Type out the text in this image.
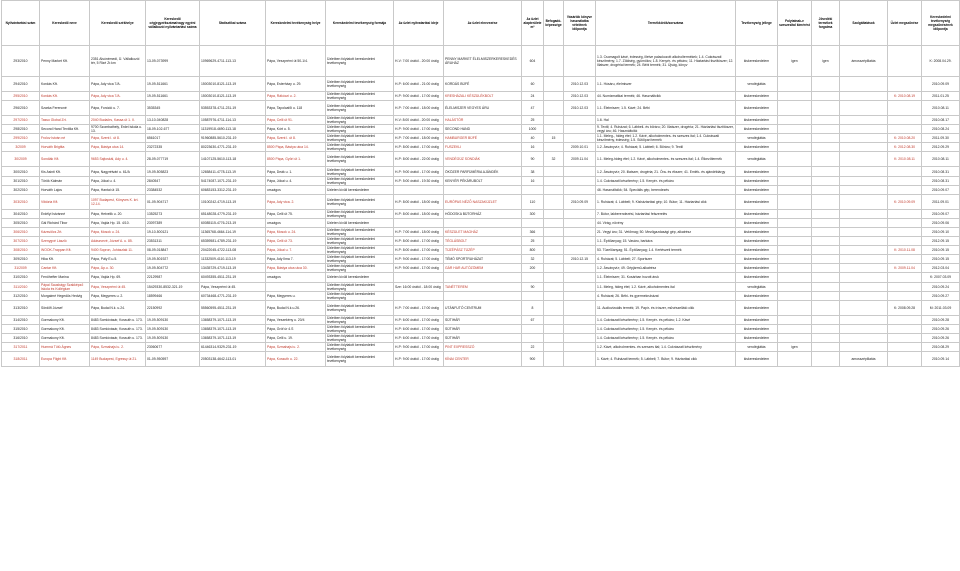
Nyilvántartási szám	Kereskedő neve	Kereskedő székhelye	Kereskedő cégjegyzékszáma/vagy egyéni vállalkozói nyilvántartási száma	Statisztikai száma	Kereskedelmi tevékenység helye	Kereskedelmi tevékenység formája	Az üzlet nyitvatartási ideje	Az üzlet elnevezése	Az üzlet alapterülete m²	Befogadó-képessége	Vásárlók könyve használatba vételének időpontja	Termékkörök/sorszáma	Tevékenység jellege	Folytatnak-e szeszesital kimérést	Jövedéki termékek forgalma	Szolgáltatások	Üzlet megszűnése	Kereskedelmi tevékenység megszűnésének időpontja
293/2010	Penny Market Kft.	2351 Alsónémedi, Ü. Vállalkozói tér, 5 Rizé Zr.km	13-09-073999	10969629-4711-113-13	Pápa, Veszprémi út 50-1/4.	Üzletben folytatott kereskedelmi tevékenység	H-V: 7:00 órától - 20:00 óráig	PENNY MARKET ÉLELMISZERKERESKEDÉS ÁRUHÁZ	604			1.3. Csomagolt kávé, édesség, illetve palackozott alkoholtermékek; 1.4. Cukrászati készítmény; 1.7. Zöldség, gyümölcs; 1.8. Kenyér- és pékáru; 11. Háztartási tisztítószer; 12. Illatszer, drogériai termék; 24. Bébi termék; 31. Újság, könyv	kiskereskedelem	igen	igen	ámosszéplilatás		K: 2008.04.29.
294/2010	Kordás Kft.	Pápa, Ady vtca 7/A.	19-09-511661	15003010-8121-113-19	Pápa, Esterházy u. 29.	Üzletben folytatott kereskedelmi tevékenység	H-P: 6:00 órától - 21:00 óráig	KORDÁS BÜFÉ	60		2010.12.03	1.1. Húsáru, élelmiszer	vendéglátás					2010.09.09
295/2010	Kordás Kft.	Pápa, Ady vtca 7/A.	19-09-511661	15003010-8121-113-19	Pápa, Rákóczi u. 2.	Üzletben folytatott kereskedelmi tevékenység	H-P: 9:00 órától - 17:00 óráig	KRESHÁZALI KÉSZÜLÉKBOLT	24		2010.12.03	44. Numizmatikai termék; 46. Használtcikk	kiskereskedelem				K: 2010.08.19	2011.01.25
296/2010	Szarka Ferencné	Pápa, Fonódó u. 7.	3535345	53553378-4711-231-19	Pápa, Tapolcafői u. 118	Üzletben folytatott kereskedelmi tevékenység	H-P: 7:00 órától - 18:00 óráig	ÉLELMISZER VEGYES ÁRU	47		2010.12.03	1.1. Élelmiszer; 1.5. Kávé; 24. Bébi	kiskereskedelem					2010.08.11
297/2010	Tasso Global Zrt.	2040 Budaörs, Kassa út 1. II.	13-10-040828	10587976-4711-114-13	Pápa, Celli út 91.	Üzletben folytatott kereskedelmi tevékenység	H-V: 8:00 órától - 20:00 óráig	HALÁSTÓR	25			1.6. Hal	kiskereskedelem					2010.08.17
298/2010	Second Hand Textília Kft.	9700 Szombathely, Erdei iskola u. 13.	18-09-102-677	11319918-4690-113-18	Pápa, Kórt u. 5.	Üzletben folytatott kereskedelmi tevékenység	H-P: 9:00 órától - 17:00 óráig	SECOND HAND	1000			9. Textil; 4. Ruházat; 6. Lábbeli- és bőráru; 20. Illatszer, drogéria; 21. Háztartási tisztítószer, vegyi áru; 46. Használtcikk	kiskereskedelem					2010.08.24
299/2010	Frolov István né	Pápa, Szent I. út 8.	6561017	91960885-5610-231-19	Pápa, Szent I. út 8.	Üzletben folytatott kereskedelmi tevékenység	H-P: 7:00 órától - 18:00 óráig	HAMBURGER BÜFÉ	40	15		1.1. Meleg-, hideg étel; 1.2. Kávé, alkoholmentes- és szeszes ital; 1.4. Cukrászati készítmény, édesség; 1.5. Sütőipari termék	vendéglátás				K: 2010.08.20	2011.09.30
3/2009	Horváth Brigitta	Pápa, Bástya utca 14.	23272335	80223630-4771-231-19	8500 Pápa, Bástya utca 14.	Üzletben folytatott kereskedelmi tevékenység	H-P: 8:00 órától - 17:00 óráig	FUSZEKLI	16		2009.10.01	1.2. Ásványvíz; 4. Ruházat; 5. Lábbeli; 6. Bőráru; 9. Textil	kiskereskedelem				K: 2012.08.30	2012.09.29
30/2009	Sondiák Kft.	9653 Sajtoskál, Ady u. 4.	28-09-077719	14107125-5610-113-18	8500 Pápa, Györi út 1.	Üzletben folytatott kereskedelmi tevékenység	H-P: 8:00 órától - 22:00 óráig	VENDÉGÜZ SONDIÁK	90	32	2009.11.04	1.1. Meleg-hideg étel; 1.2. Kávé, alkoholmentes- és szeszes ital; 1.4. Étkezőtermék	vendéglátás				K: 2010.08.11	2010.08.11
300/2010	Kis Asinti Kft.	Pápa, Nagyrétvári u. 61/A	19-09-505823	12658411-4778-113-19	Pápa, Deák u. 1.	Üzletben folytatott kereskedelmi tevékenység	H-P: 9:00 órától - 17:00 óráig	ÖKÖZER PARFÜMÉRIA AJÁNDÉK	38			1.2. Ásványvíz; 20. Illatszer, drogéria; 21. Óra- és ékszer; 41. Emlék- és ajándéktárgy	kiskereskedelem					2010.08.31
301/2010	Török Kálmán	Pápa, Jókai u. 4.	2840547	54174087-1071-231-19	Pápa, Jókai u. 4.	Üzletben folytatott kereskedelmi tevékenység	H-P: 5:00 órától - 19:30 óráig	KENYÉR PÉKÁRUBOLT	16			1.4. Cukrászati készítmény; 1.5. Kenyér- és pékáru	kiskereskedelem					2010.08.31
302/2010	Horváth Lajos	Pápa, Hantai út 15.	23384532	60683153-3312-231-19	országos	Üzleten kívüli kereskedelem						46. Használtcikk; 54. Speciális gép, berendezés	kiskereskedelem					2010.09.07
303/2010	Viktória Kft.	1097 Budapest, Könyves K. krt. 12-14.	01-09-904717	10100242-4719-113-19	Pápa, Ady vtca. 2.	Üzletben folytatott kereskedelmi tevékenység	H-P: 8:00 órától - 18:00 óráig	EURÓPAS NÉZŐ NASZAKÜZLET	110		2010.09.09	1. Ruházat; 4. Lábbeli; 9. Kisháztartási gép; 10. Bútor; 11. Háztartási cikk	kiskereskedelem				K: 2010.09.09	2011.09.01
304/2010	Erdélyi Istvánné	Pápa, Hetvelik u. 20.	13525273	65148028-4779-231-19	Pápa, Celli út 75.	Üzletben folytatott kereskedelmi tevékenység	H-P: 8:00 órától - 18:00 óráig	HÓDOSKA BÜTORHÁZ	300			7. Bútor, lakberendezési, háztartási felszerelés	kiskereskedelem					2010.09.07
305/2010	Gál Richárd Tibor	Pápa, Vajda Hp. 15. 4/10.	23097389	60085115-4776-213-19	országos	Üzleten kívüli kereskedelem						44. Virág, növény	kiskereskedelem					2010.09.06
306/2010	Kázsvölcs Zrt.	Pápa, Mosok u. 24.	19-10-500121	11365768-4664-114-19	Pápa, Mosok u. 24.	Üzletben folytatott kereskedelmi tevékenység	H-P: 7:00 órától - 18:00 óráig	KÉSZÜLET MAGHÁZ	366			21. Vegyi áru; 31. Vetőmag; 50. Mezőgazdasági gép, alkatrész	kiskereskedelem					2010.09.10
307/2010	Szenygvé László	Adászvevé, József A. u. 85.	23531311	65359581-4789-231-19	Pápa, Celli út 73.	Üzletben folytatott kereskedelmi tevékenység	H-P: 8:00 órától - 17:00 óráig	TÉGLÁSBOLT	25			1.1. Építőanyag; 15. Vasáru, barkács	kiskereskedelem					2012.09.15
308/2010	WOOK-Trappan Kft.	9400 Sopron, Juhászlak 11.	08-09-018847	20422045-4722-113-08	Pápa, Jókai u. 7.	Üzletben folytatott kereskedelmi tevékenység	H-P: 8:00 órától - 17:00 óráig	TÜZÉPÁSZ TÜZÉP	800			53. Tüzelőanyag; 51. Építőanyag; 1.4. Kertészeti termék	kiskereskedelem				K: 2010.11.08	2010.09.15
309/2010	Hika Kft.	Pápa, Pály E.u.5.	19-09-501927	11332509-4110-113-19	Pápa, Ady Ilma 7.	Üzletben folytatott kereskedelmi tevékenység	H-P: 9:00 órától - 17:00 óráig	TÉMÓ SPORTRUHÁZAT	32		2010.12.15	4. Ruházat; 5. Lábbeli; 27. Sportszer	kiskereskedelem					2010.09.15
31/2009	Cantar Kft.	Pápa, Áp.u. 30.	19-09-504772	13435729-4719-113-19	Pápa, Bástya utca utca 30.	Üzletben folytatott kereskedelmi tevékenység	H-P: 9:00 órától - 17:00 óráig	GÁR HAR AUTÓZÖMEM	200			1.2. Ásványvíz; 49. Gépjármű-alkatrész	kiskereskedelem				K: 2009.11.04	2012.03.04
310/2010	Fenöhefter Marina	Pápa, Vajda Hp. 69.	22129987	60493355-4511-231-19	országos	Üzleten kívüli kereskedelem						1.1. Élelmiszer; 31. Kosárban hozott áruk	kiskereskedelem					K: 2007.03.09
311/2010	Pápai Sausbágy Szakképző Iskola és Kollégium	Pápa, Veszprémi út 45.	15429330-8532-321-19	Pápa, Veszprémi út 45.		Üzletben folytatott kereskedelmi tevékenység	Sze: 16:00 órától - 18:00 óráig	TANÉTTEREM	90			1.1. Meleg, hideg étel; 1.2. Kávé, alkoholmentes ital	vendéglátás					2010.09.24
312/2010	Morgaimé Hegedűs Hedvig	Pápa, Megyeres u. 2.	18599466	60734468-4771-231-19	Pápa, Megyeres u.	Üzletben folytatott kereskedelmi tevékenység						4. Ruházat; 26. Bébi- és gyermekruházat	kiskereskedelem					2010.09.27
313/2010	Sördőfi József	Pápa, Budai N.k. u.24.	22150992	55560595-4511-231-19	Pápa, Budai N.k.u.26.	Üzletben folytatott kereskedelmi tevékenység	H-P: 7:00 órától - 17:00 óráig	UTÁNFUTÓ CENTRUM	8			11. Audiovizuális termék; 19. Papír- és írószer, művészellátó cikk	kiskereskedelem				K: 2008.09.28	M: 2011.03.09
314/2010	Gormakony Kft.	8483 Somlóvásár, Kossuth u. 173.	19-09-509130	13658379-1071-113-19	Pápa, Veszekény u. 20/4	Üzletben folytatott kereskedelmi tevékenység	H-P: 6:00 órától - 17:00 óráig	SÜTIHÁR	67			1.4. Cukrászati készítmény; 1.5. Kenyér- és pékáru; 1.2. Kávé	kiskereskedelem					2010.09.28
315/2010	Gormakony Kft.	8483 Somlóvásár, Kossuth u. 173.	19-09-509130	13658379-1071-113-19	Pápa, Gróf úr 4.S	Üzletben folytatott kereskedelmi tevékenység	H-P: 6:00 órától - 17:00 óráig	SÜTIHÁR				1.4. Cukrászati készítmény; 1.5. Kenyér- és pékáru	kiskereskedelem					2010.09.26
316/2010	Gormakony Kft.	8483 Somlóvásár, Kossuth u. 173.	19-09-509130	13658379-1071-113-19	Pápa, Celli u. 19.	Üzletben folytatott kereskedelmi tevékenység	H-P: 6:00 órától - 17:00 óráig	SÜTIHÁR				1.4. Cukrászati készítmény; 1.5. Kenyér- és pékáru	kiskereskedelem					2010.09.26
317/2011	Hummá Tütü Ágnes	Pápa, Szmahajsi u. 2.	23060677	61446314-9329-231-19	Pápa, Szmahajsi u. 2.	Üzletben folytatott kereskedelmi tevékenység	H-P: 9:00 órától - 17:00 óráig	PINT EXPRESSZÓ	22			1.2. Kávé, alkoholmentes- és szeszes ital; 1.4. Cukrászati készítmény	vendéglátás	igen				2010.08.29
318/2011	Europa Flight Kft.	1149 Budapest, Egressy út 21.	01-09-950597	20503138-4642-113-01	Pápa, Kossuth u. 22.	Üzletben folytatott kereskedelmi tevékenység	H-P: 9:00 órától - 17:00 óráig	KÍNAI CENTER	900			1. Kávé; 4. Ruházati termék; 5. Lábbeli; 7. Bútor; 9. Háztartási cikk	kiskereskedelem			amosszéplilatás		2010.09.14
